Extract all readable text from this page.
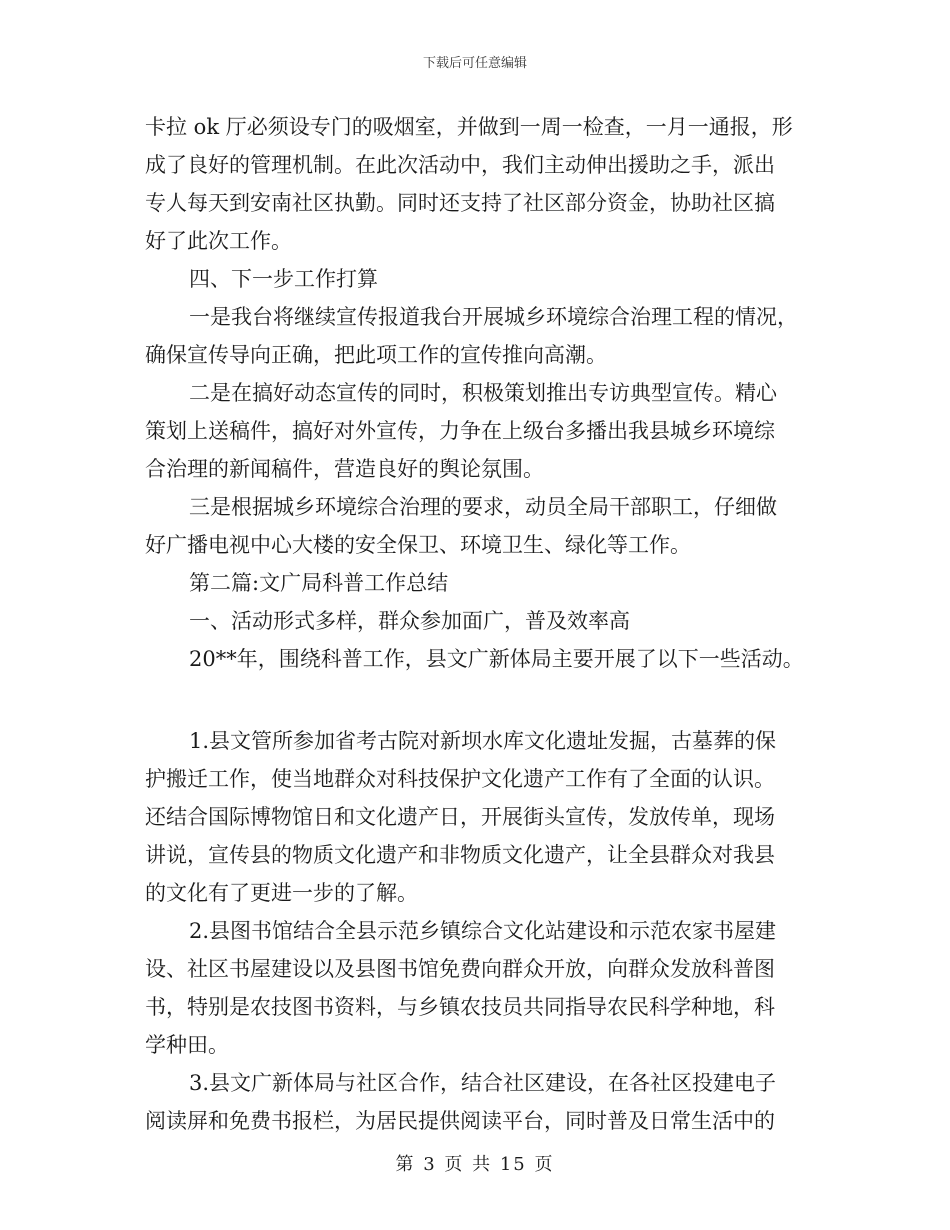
下载后可任意编辑
卡拉 ok 厅必须设专门的吸烟室，并做到一周一检查，一月一通报，形
成了良好的管理机制。在此次活动中，我们主动伸出援助之手，派出
专人每天到安南社区执勤。同时还支持了社区部分资金，协助社区搞
好了此次工作。
四、下一步工作打算
一是我台将继续宣传报道我台开展城乡环境综合治理工程的情况，
确保宣传导向正确，把此项工作的宣传推向高潮。
二是在搞好动态宣传的同时，积极策划推出专访典型宣传。精心
策划上送稿件，搞好对外宣传，力争在上级台多播出我县城乡环境综
合治理的新闻稿件，营造良好的舆论氛围。
三是根据城乡环境综合治理的要求，动员全局干部职工，仔细做
好广播电视中心大楼的安全保卫、环境卫生、绿化等工作。
第二篇:文广局科普工作总结
一、活动形式多样，群众参加面广，普及效率高
20**年，围绕科普工作，县文广新体局主要开展了以下一些活动。
1.县文管所参加省考古院对新坝水库文化遗址发掘，古墓葬的保
护搬迁工作，使当地群众对科技保护文化遗产工作有了全面的认识。
还结合国际博物馆日和文化遗产日，开展街头宣传，发放传单，现场
讲说，宣传县的物质文化遗产和非物质文化遗产，让全县群众对我县
的文化有了更进一步的了解。
2.县图书馆结合全县示范乡镇综合文化站建设和示范农家书屋建
设、社区书屋建设以及县图书馆免费向群众开放，向群众发放科普图
书，特别是农技图书资料，与乡镇农技员共同指导农民科学种地，科
学种田。
3.县文广新体局与社区合作，结合社区建设，在各社区投建电子
阅读屏和免费书报栏，为居民提供阅读平台，同时普及日常生活中的
第 3 页 共 15 页
